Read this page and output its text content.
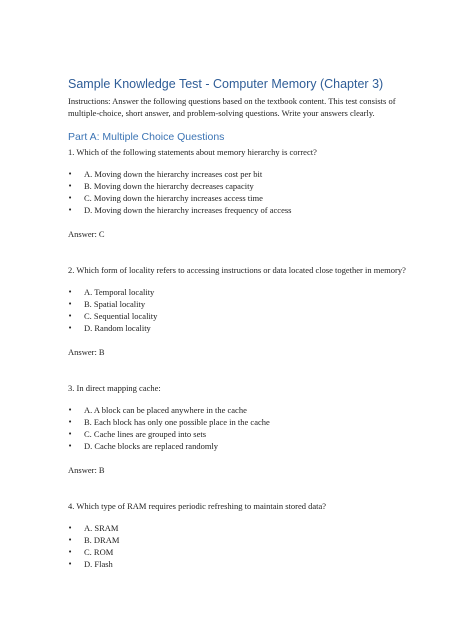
Sample Knowledge Test - Computer Memory (Chapter 3)

Instructions: Answer the following questions based on the textbook content. This test consists of multiple-choice, short answer, and problem-solving questions. Write your answers clearly.

Part A: Multiple Choice Questions

1. Which of the following statements about memory hierarchy is correct?

• A. Moving down the hierarchy increases cost per bit
• B. Moving down the hierarchy decreases capacity
• C. Moving down the hierarchy increases access time
• D. Moving down the hierarchy increases frequency of access

Answer: C

2. Which form of locality refers to accessing instructions or data located close together in memory?

• A. Temporal locality
• B. Spatial locality
• C. Sequential locality
• D. Random locality

Answer: B

3. In direct mapping cache:

• A. A block can be placed anywhere in the cache
• B. Each block has only one possible place in the cache
• C. Cache lines are grouped into sets
• D. Cache blocks are replaced randomly

Answer: B

4. Which type of RAM requires periodic refreshing to maintain stored data?

• A. SRAM
• B. DRAM
• C. ROM
• D. Flash
